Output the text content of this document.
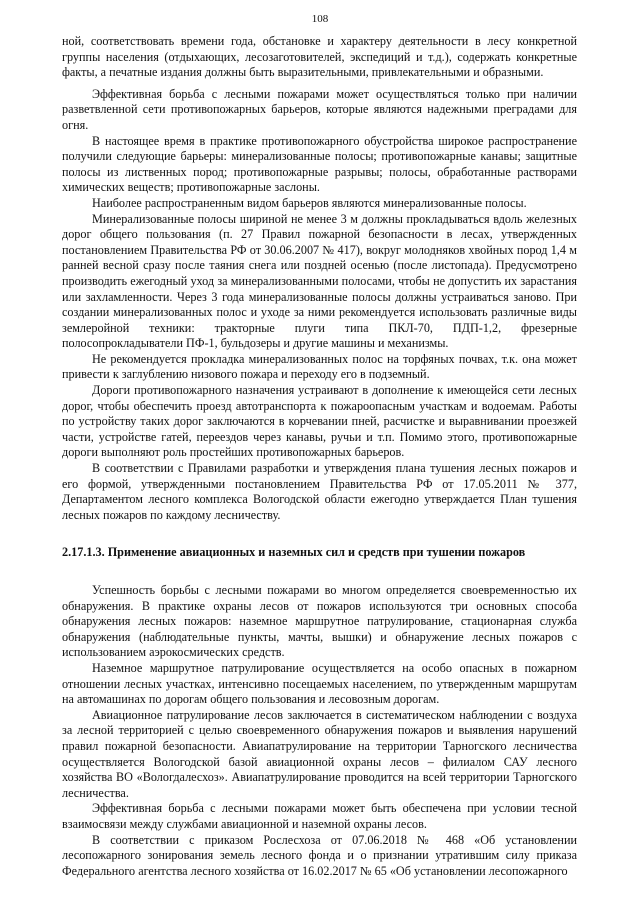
108

ной, соответствовать времени года, обстановке и характеру деятельности в лесу конкретной группы населения (отдыхающих, лесозаготовителей, экспедиций и т.д.), содержать конкретные факты, а печатные издания должны быть выразительными, привлекательными и образными.

Эффективная борьба с лесными пожарами может осуществляться только при наличии разветвленной сети противопожарных барьеров, которые являются надежными преградами для огня.

В настоящее время в практике противопожарного обустройства широкое распространение получили следующие барьеры: минерализованные полосы; противопожарные канавы; защитные полосы из лиственных пород; противопожарные разрывы; полосы, обработанные растворами химических веществ; противопожарные заслоны.

Наиболее распространенным видом барьеров являются минерализованные полосы.

Минерализованные полосы шириной не менее 3 м должны прокладываться вдоль железных дорог общего пользования (п. 27 Правил пожарной безопасности в лесах, утвержденных постановлением Правительства РФ от 30.06.2007 № 417), вокруг молодняков хвойных пород 1,4 м ранней весной сразу после таяния снега или поздней осенью (после листопада). Предусмотрено производить ежегодный уход за минерализованными полосами, чтобы не допустить их зарастания или захламленности. Через 3 года минерализованные полосы должны устраиваться заново. При создании минерализованных полос и уходе за ними рекомендуется использовать различные виды землеройной техники: тракторные плуги типа ПКЛ-70, ПДП-1,2, фрезерные полосопрокладыватели ПФ-1, бульдозеры и другие машины и механизмы.

Не рекомендуется прокладка минерализованных полос на торфяных почвах, т.к. она может привести к заглублению низового пожара и переходу его в подземный.

Дороги противопожарного назначения устраивают в дополнение к имеющейся сети лесных дорог, чтобы обеспечить проезд автотранспорта к пожароопасным участкам и водоемам. Работы по устройству таких дорог заключаются в корчевании пней, расчистке и выравнивании проезжей части, устройстве гатей, переездов через канавы, ручьи и т.п. Помимо этого, противопожарные дороги выполняют роль простейших противопожарных барьеров.

В соответствии с Правилами разработки и утверждения плана тушения лесных пожаров и его формой, утвержденными постановлением Правительства РФ от 17.05.2011 № 377, Департаментом лесного комплекса Вологодской области ежегодно утверждается План тушения лесных пожаров по каждому лесничеству.

2.17.1.3. Применение авиационных и наземных сил и средств при тушении пожаров

Успешность борьбы с лесными пожарами во многом определяется своевременностью их обнаружения. В практике охраны лесов от пожаров используются три основных способа обнаружения лесных пожаров: наземное маршрутное патрулирование, стационарная служба обнаружения (наблюдательные пункты, мачты, вышки) и обнаружение лесных пожаров с использованием аэрокосмических средств.

Наземное маршрутное патрулирование осуществляется на особо опасных в пожарном отношении лесных участках, интенсивно посещаемых населением, по утвержденным маршрутам на автомашинах по дорогам общего пользования и лесовозным дорогам.

Авиационное патрулирование лесов заключается в систематическом наблюдении с воздуха за лесной территорией с целью своевременного обнаружения пожаров и выявления нарушений правил пожарной безопасности. Авиапатрулирование на территории Тарногского лесничества осуществляется Вологодской базой авиационной охраны лесов – филиалом САУ лесного хозяйства ВО «Вологдалесхоз». Авиапатрулирование проводится на всей территории Тарногского лесничества.

Эффективная борьба с лесными пожарами может быть обеспечена при условии тесной взаимосвязи между службами авиационной и наземной охраны лесов.

В соответствии с приказом Рослесхоза от 07.06.2018 № 468 «Об установлении лесопожарного зонирования земель лесного фонда и о признании утратившим силу приказа Федерального агентства лесного хозяйства от 16.02.2017 № 65 «Об установлении лесопожарного
